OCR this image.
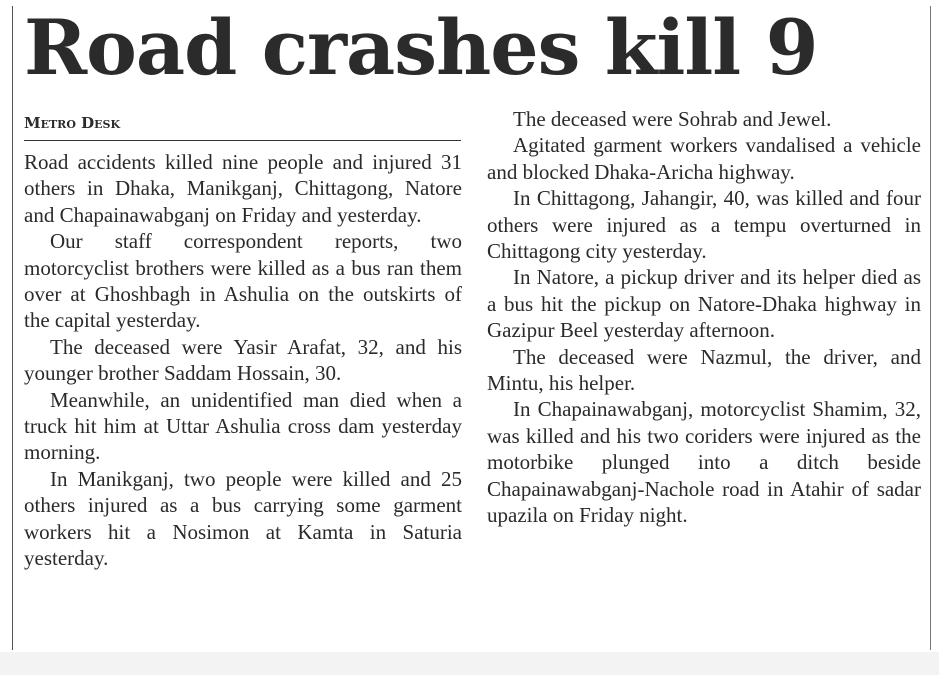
Road crashes kill 9
Metro Desk

Road accidents killed nine people and injured 31 others in Dhaka, Manikganj, Chittagong, Natore and Chapainawabganj on Friday and yesterday.

Our staff correspondent reports, two motorcyclist brothers were killed as a bus ran them over at Ghoshbagh in Ashulia on the outskirts of the capital yesterday.

The deceased were Yasir Arafat, 32, and his younger brother Saddam Hossain, 30.

Meanwhile, an unidentified man died when a truck hit him at Uttar Ashulia cross dam yesterday morning.

In Manikganj, two people were killed and 25 others injured as a bus carrying some garment workers hit a Nosimon at Kamta in Saturia yesterday.

The deceased were Sohrab and Jewel.

Agitated garment workers vandalised a vehicle and blocked Dhaka-Aricha highway.

In Chittagong, Jahangir, 40, was killed and four others were injured as a tempu overturned in Chittagong city yesterday.

In Natore, a pickup driver and its helper died as a bus hit the pickup on Natore-Dhaka highway in Gazipur Beel yesterday afternoon.

The deceased were Nazmul, the driver, and Mintu, his helper.

In Chapainawabganj, motorcyclist Shamim, 32, was killed and his two coriders were injured as the motorbike plunged into a ditch beside Chapainawabganj-Nachole road in Atahir of sadar upazila on Friday night.
